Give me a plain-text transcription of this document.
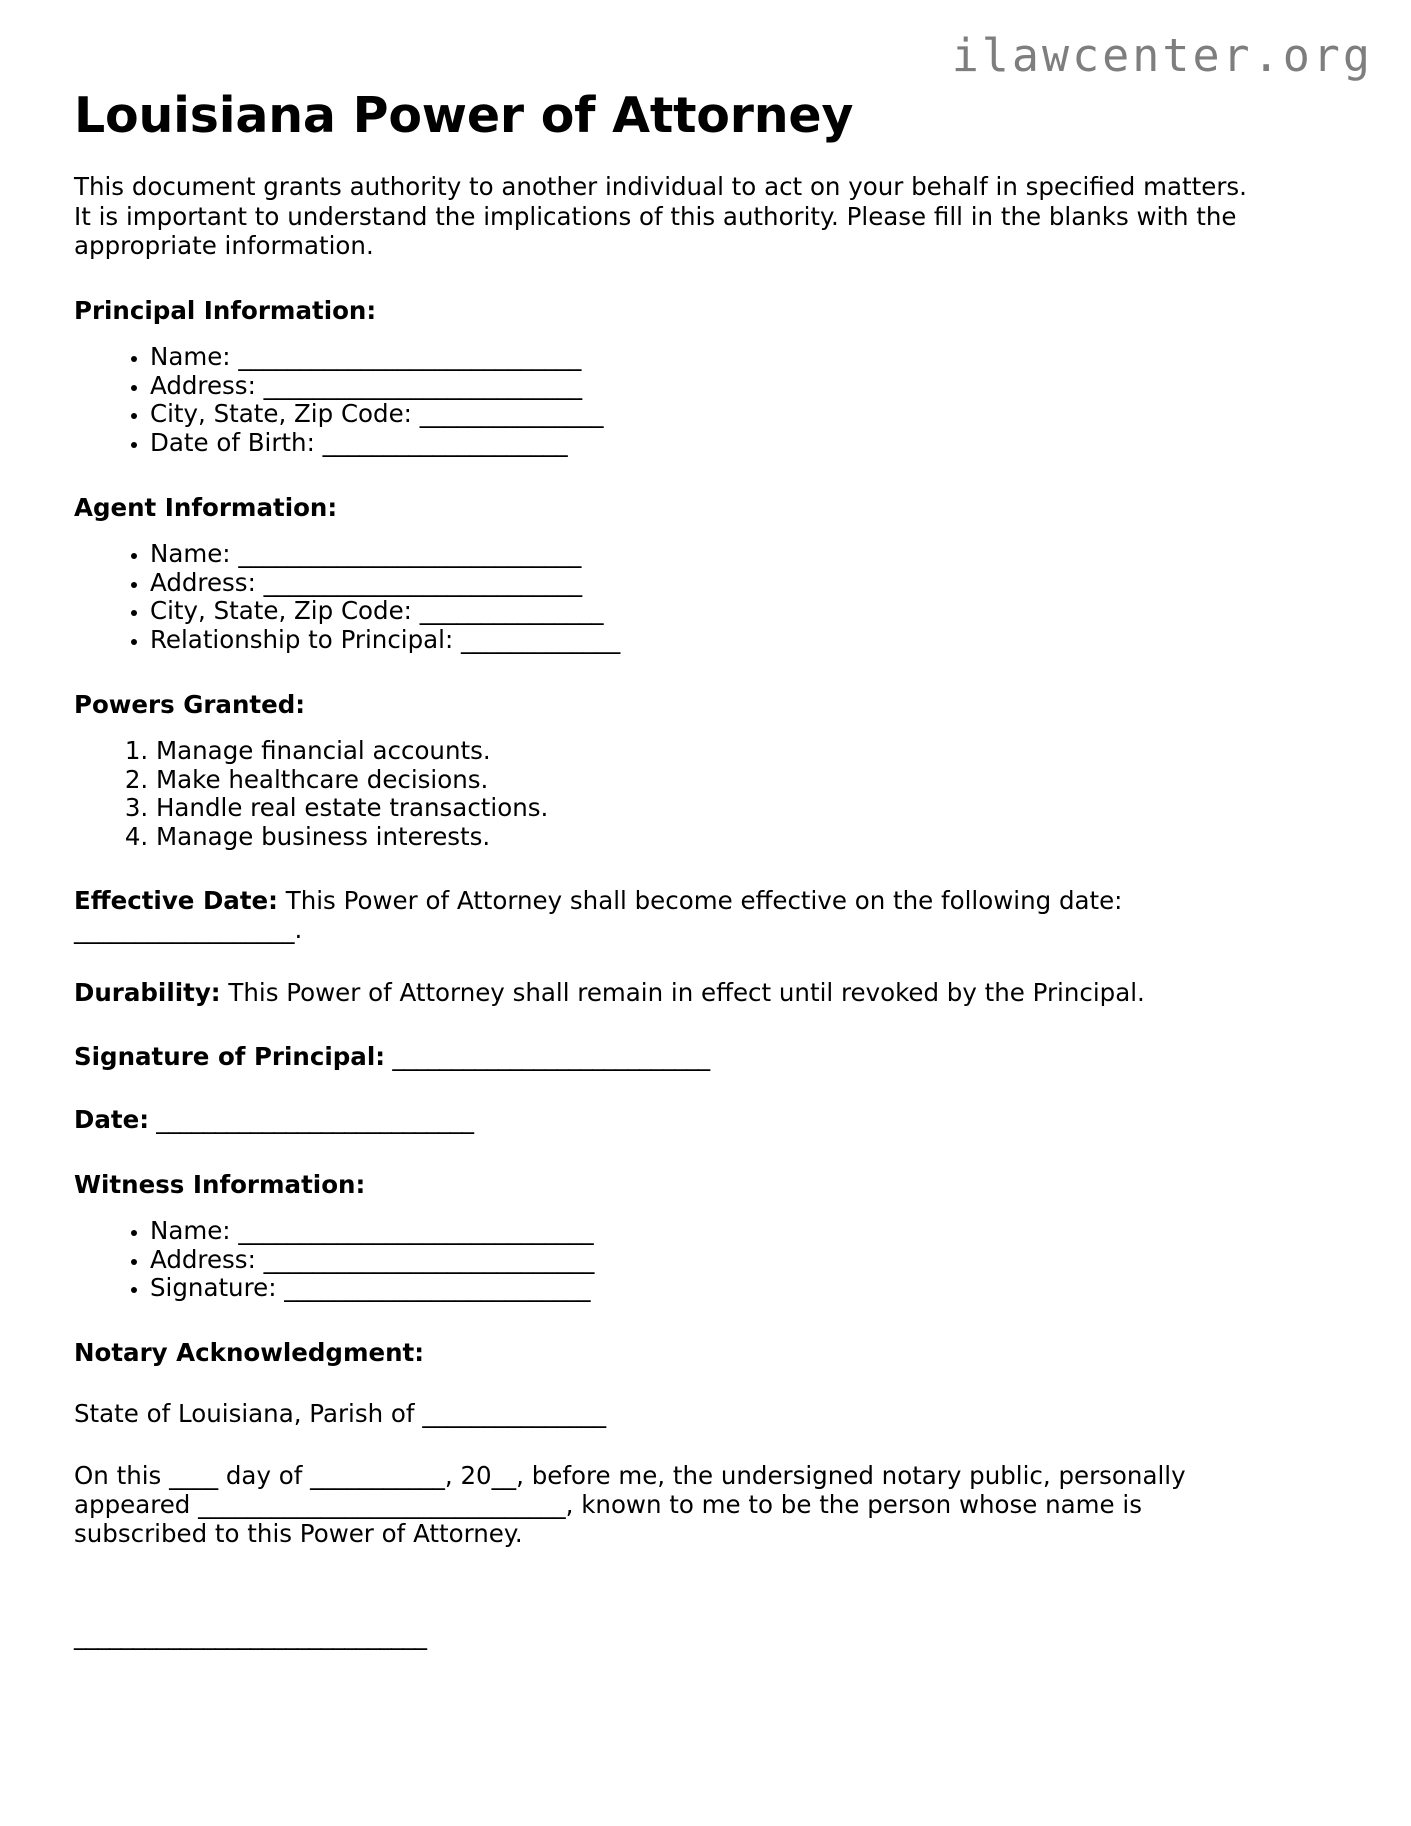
ilawcenter.org
Louisiana Power of Attorney

This document grants authority to another individual to act on your behalf in specified matters. It is important to understand the implications of this authority. Please fill in the blanks with the appropriate information.

Principal Information:
• Name: ____________________________
• Address: __________________________
• City, State, Zip Code: _______________
• Date of Birth: ____________________
Agent Information:
• Name: ____________________________
• Address: __________________________
• City, State, Zip Code: _______________
• Relationship to Principal: _____________
Powers Granted:
1. Manage financial accounts.
2. Make healthcare decisions.
3. Handle real estate transactions.
4. Manage business interests.

Effective Date: This Power of Attorney shall become effective on the following date: __________________.

Durability: This Power of Attorney shall remain in effect until revoked by the Principal.

Signature of Principal: ___________________________

Date: ___________________________

Witness Information:
• Name: _____________________________
• Address: ___________________________
• Signature: _________________________
Notary Acknowledgment:

State of Louisiana, Parish of _______________

On this ____ day of ___________, 20__, before me, the undersigned notary public, personally appeared ______________________________, known to me to be the person whose name is subscribed to this Power of Attorney.

______________________________
